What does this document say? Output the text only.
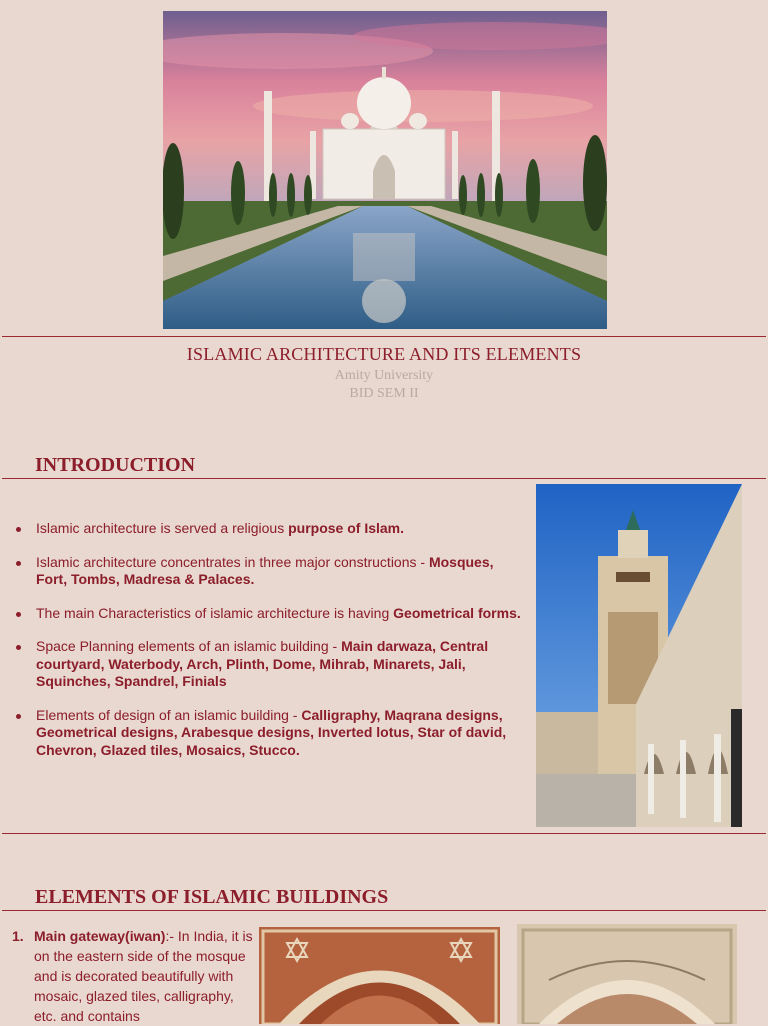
ISLAMIC ARCHITECTURE AND ITS ELEMENTS
Amity University
BID SEM II
INTRODUCTION
Islamic architecture is served a religious purpose of Islam.
Islamic architecture concentrates in three major constructions - Mosques, Fort, Tombs, Madresa & Palaces.
The main Characteristics of islamic architecture is having Geometrical forms.
Space Planning elements of an islamic building - Main darwaza, Central courtyard, Waterbody, Arch, Plinth, Dome, Mihrab, Minarets, Jali, Squinches, Spandrel, Finials
Elements of design of an islamic building - Calligraphy, Maqrana designs, Geometrical designs, Arabesque designs, Inverted lotus, Star of david, Chevron, Glazed tiles, Mosaics, Stucco.
ELEMENTS OF ISLAMIC BUILDINGS
1. Main gateway(iwan):- In India, it is on the eastern side of the mosque and is decorated beautifully with mosaic, glazed tiles, calligraphy, etc. and contains
